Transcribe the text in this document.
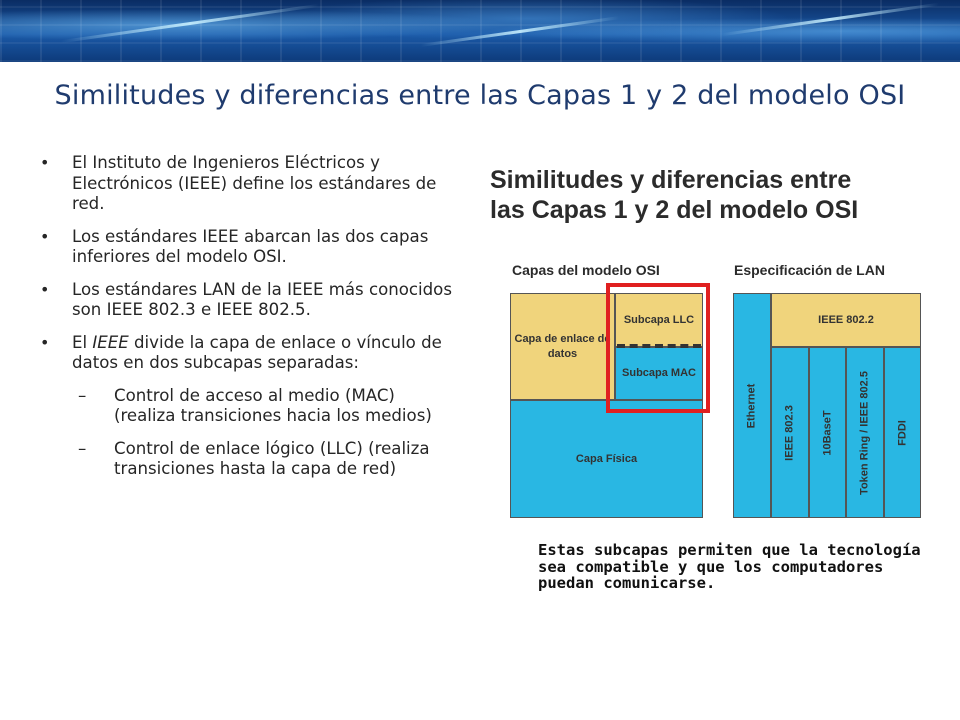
Similitudes y diferencias entre las Capas 1 y 2 del modelo OSI
• El Instituto de Ingenieros Eléctricos y Electrónicos (IEEE) define los estándares de red.
• Los estándares IEEE abarcan las dos capas inferiores del modelo OSI.
• Los estándares LAN de la IEEE más conocidos son IEEE 802.3 e IEEE 802.5.
• El IEEE divide la capa de enlace o vínculo de datos en dos subcapas separadas:
– Control de acceso al medio (MAC) (realiza transiciones hacia los medios)
– Control de enlace lógico (LLC) (realiza transiciones hasta la capa de red)
Similitudes y diferencias entre
las Capas 1 y 2 del modelo OSI
Capas del modelo OSI	Especificación de LAN
Capa de enlace de datos
Subcapa LLC
Subcapa MAC
Capa Física
IEEE 802.2
Ethernet IEEE 802.3 10BaseT Token Ring / IEEE 802.5 FDDI
Estas subcapas permiten que la tecnología sea compatible y que los computadores puedan comunicarse.
